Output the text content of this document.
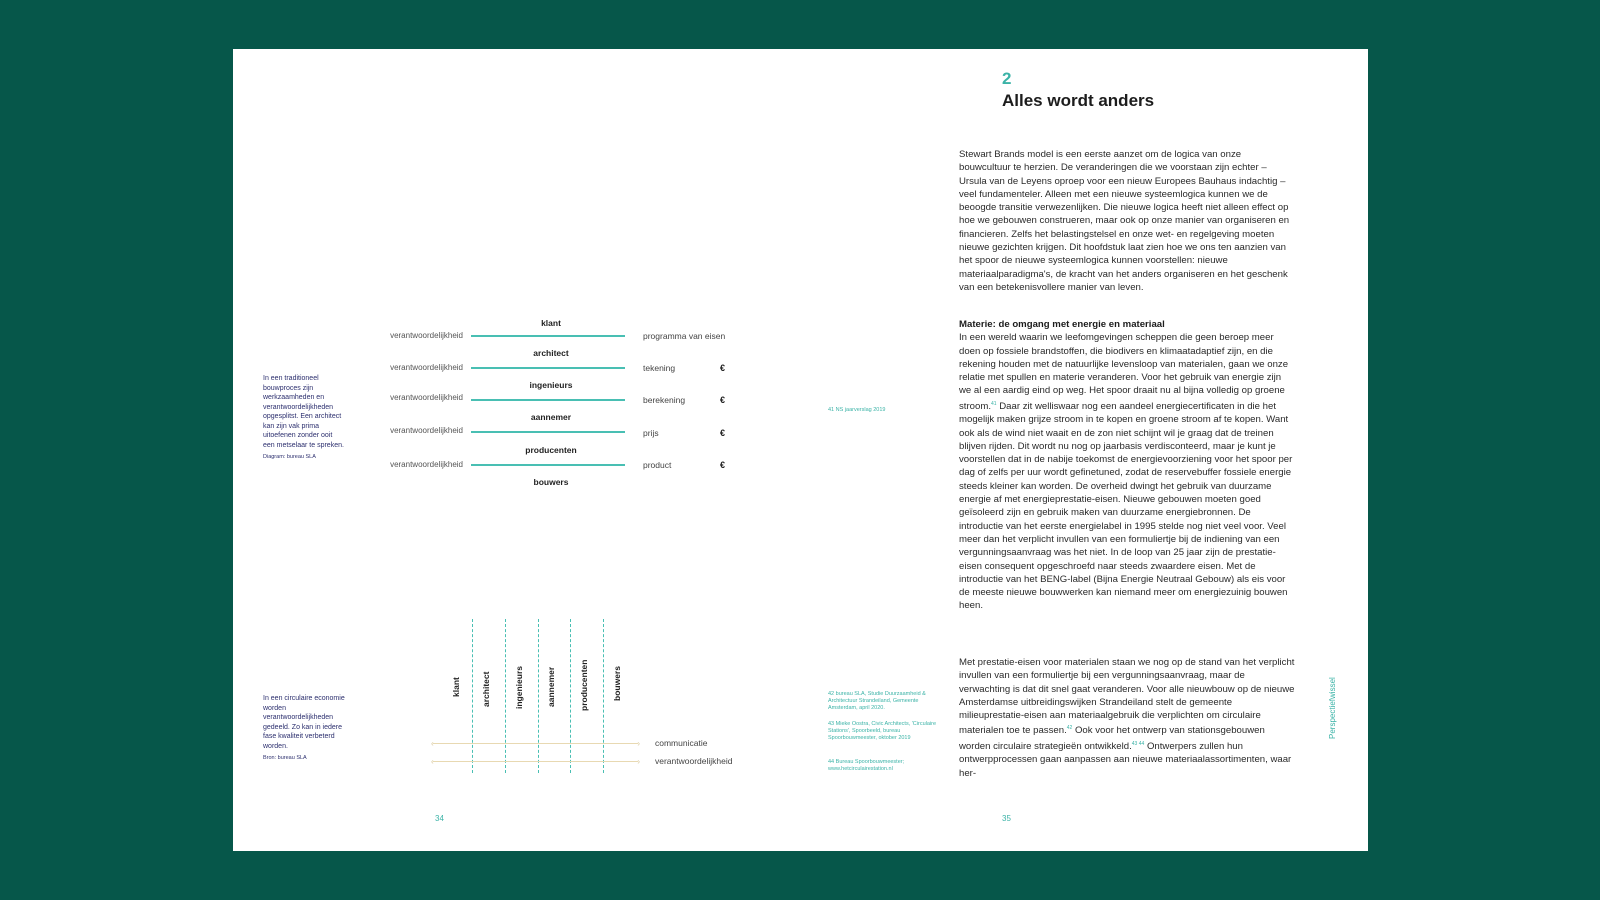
In een traditioneel bouwproces zijn werkzaamheden en verantwoordelijkheden opgesplitst. Een architect kan zijn vak prima uitoefenen zonder ooit een metselaar te spreken.
Diagram: bureau SLA
klant
architect
ingenieurs
aannemer
producenten
bouwers
verantwoordelijkheid	programma van eisen
verantwoordelijkheid	tekening	€
verantwoordelijkheid	berekening	€
verantwoordelijkheid	prijs	€
verantwoordelijkheid	product	€
In een circulaire economie worden verantwoordelijkheden gedeeld. Zo kan in iedere fase kwaliteit verbeterd worden.
Bron: bureau SLA
klant architect	ingenieurs	aannemer	producenten	bouwers
‹	› communicatie
‹	› verantwoordelijkheid
34
41 NS jaarverslag 2019
42 bureau SLA, Studie Duurzaamheid & Architectuur Strandeiland, Gemeente Amsterdam, april 2020.
43 Mieke Oostra, Civic Architects, 'Circulaire Stations', Spoorbeeld, bureau Spoorbouwmeester, oktober 2019
44 Bureau Spoorbouwmeester; www.hetcirculairestation.nl
2
Alles wordt anders

Stewart Brands model is een eerste aanzet om de logica van onze bouwcultuur te herzien. De veranderingen die we voorstaan zijn echter – Ursula van de Leyens oproep voor een nieuw Europees Bauhaus indachtig – veel fundamenteler. Alleen met een nieuwe systeemlogica kunnen we de beoogde transitie verwezenlijken. Die nieuwe logica heeft niet alleen effect op hoe we gebouwen construeren, maar ook op onze manier van organiseren en financieren. Zelfs het belastingstelsel en onze wet- en regelgeving moeten nieuwe gezichten krijgen. Dit hoofdstuk laat zien hoe we ons ten aanzien van het spoor de nieuwe systeemlogica kunnen voorstellen: nieuwe materiaalparadigma's, de kracht van het anders organiseren en het geschenk van een betekenisvollere manier van leven.

Materie: de omgang met energie en materiaal

In een wereld waarin we leefomgevingen scheppen die geen beroep meer doen op fossiele brandstoffen, die biodivers en klimaatadaptief zijn, en die rekening houden met de natuurlijke levensloop van materialen, gaan we onze relatie met spullen en materie veranderen. Voor het gebruik van energie zijn we al een aardig eind op weg. Het spoor draait nu al bijna volledig op groene stroom.$^{41}$ Daar zit welliswaar nog een aandeel energiecertificaten in die het mogelijk maken grijze stroom in te kopen en groene stroom af te kopen. Want ook als de wind niet waait en de zon niet schijnt wil je graag dat de treinen blijven rijden. Dit wordt nu nog op jaarbasis verdisconteerd, maar je kunt je voorstellen dat in de nabije toekomst de energievoorziening voor het spoor per dag of zelfs per uur wordt gefinetuned, zodat de reservebuffer fossiele energie steeds kleiner kan worden. De overheid dwingt het gebruik van duurzame energie af met energieprestatie-eisen. Nieuwe gebouwen moeten goed geïsoleerd zijn en gebruik maken van duurzame energiebronnen. De introductie van het eerste energielabel in 1995 stelde nog niet veel voor. Veel meer dan het verplicht invullen van een formuliertje bij de indiening van een vergunningsaanvraag was het niet. In de loop van 25 jaar zijn de prestatie-eisen consequent opgeschroefd naar steeds zwaardere eisen. Met de introductie van het BENG-label (Bijna Energie Neutraal Gebouw) als eis voor de meeste nieuwe bouwwerken kan niemand meer om energiezuinig bouwen heen.

Met prestatie-eisen voor materialen staan we nog op de stand van het verplicht invullen van een formuliertje bij een vergunningsaanvraag, maar de verwachting is dat dit snel gaat veranderen. Voor alle nieuwbouw op de nieuwe Amsterdamse uitbreidingswijken Strandeiland stelt de gemeente milieuprestatie-eisen aan materiaalgebruik die verplichten om circulaire materialen toe te passen.$^{42}$ Ook voor het ontwerp van stationsgebouwen worden circulaire strategieën ontwikkeld.$^{43 44}$ Ontwerpers zullen hun ontwerpprocessen gaan aanpassen aan nieuwe materiaalassortimenten, waar her-

35
Perspectiefwissel
